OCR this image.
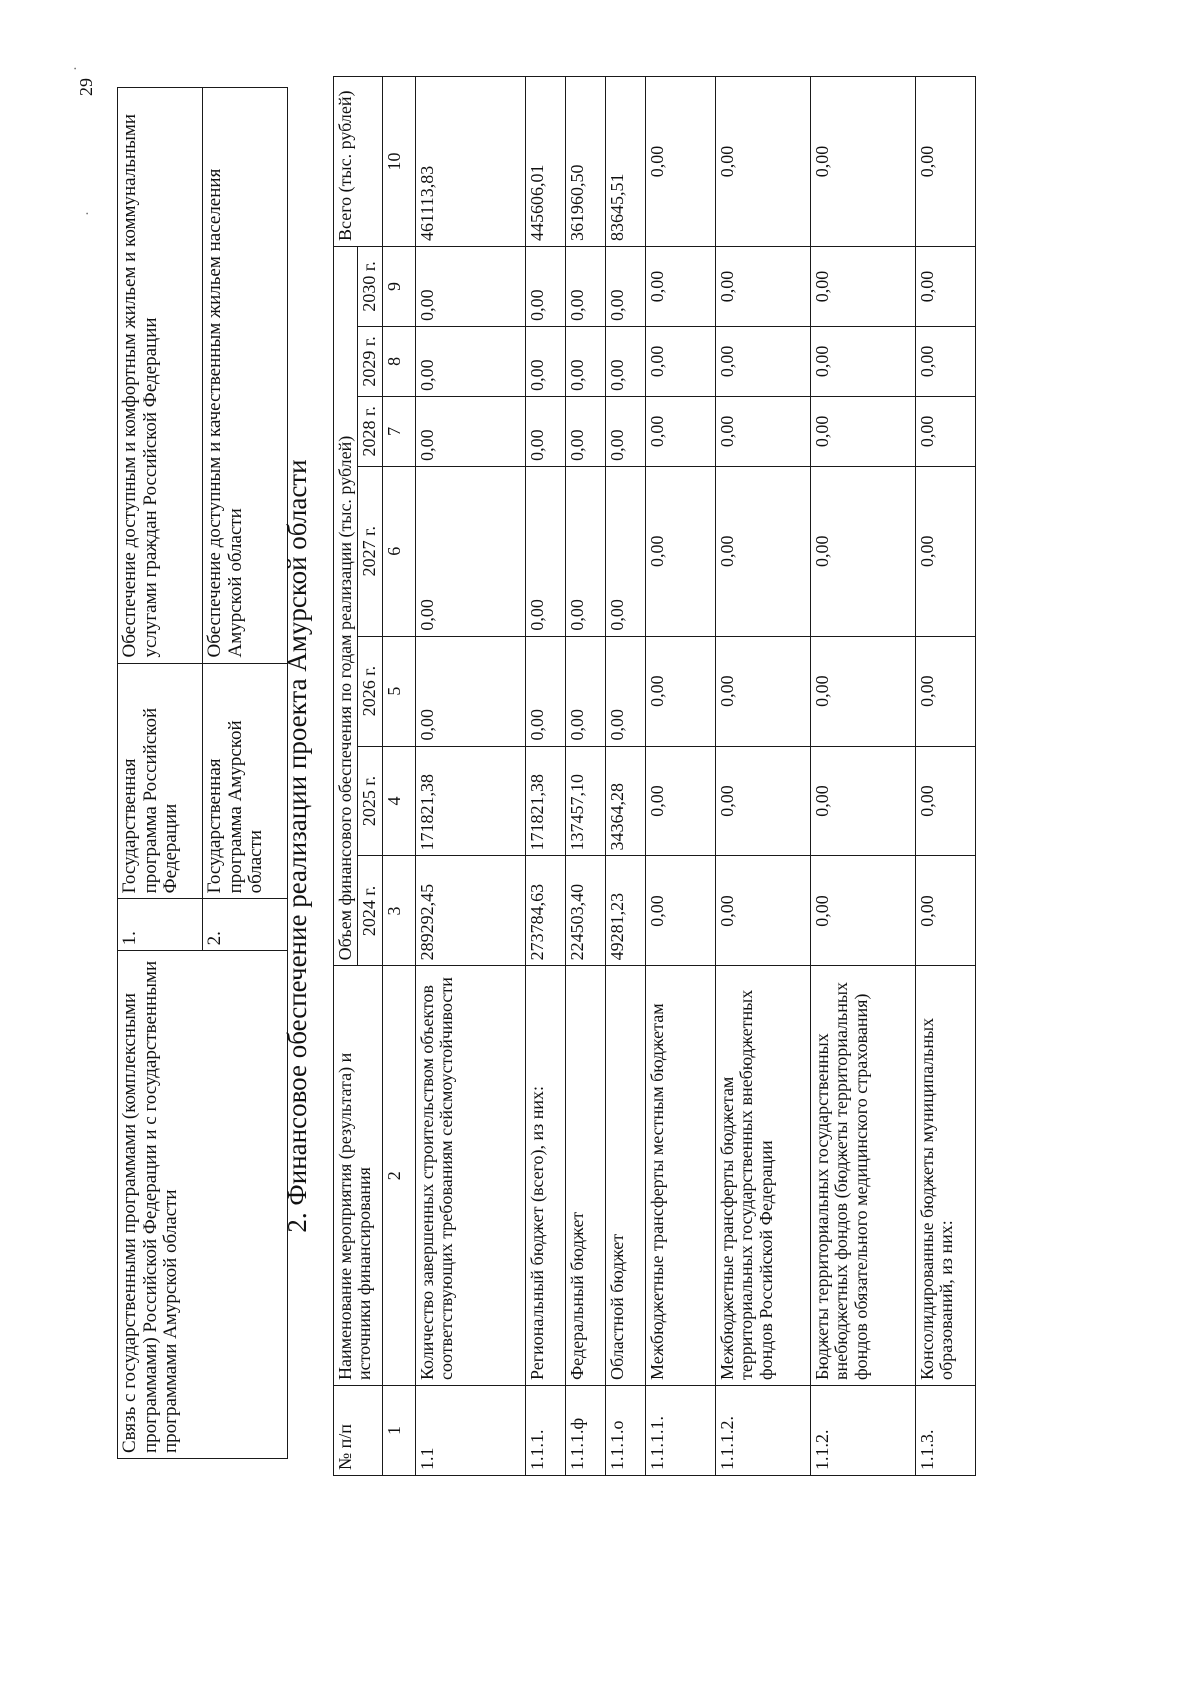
29
·
·
Связь с государственными программами (комплексными программами) Российской Федерации и с государственными программами Амурской области	1.	Государственная программа Российской Федерации	Обеспечение доступным и комфортным жильем и коммунальными услугами граждан Российской Федерации
	2.	Государственная программа Амурской области	Обеспечение доступным и качественным жильем населения Амурской области 2. Финансовое обеспечение реализации проекта Амурской области
№ п/п	Наименование мероприятия (результата) и источники финансирования	Объем финансового обеспечения по годам реализации (тыс. рублей)							Всего (тыс. рублей)
		2024 г.	2025 г.	2026 г.	2027 г.	2028 г.	2029 г.	2030 г.	
1	2	3	4	5	6	7	8	9	10
1.1	Количество завершенных строительством объектов соответствующих требованиям сейсмоустойчивости	289292,45	171821,38	0,00	0,00	0,00	0,00	0,00	461113,83
1.1.1.	Региональный бюджет (всего), из них:	273784,63	171821,38	0,00	0,00	0,00	0,00	0,00	445606,01
1.1.1.ф	Федеральный бюджет	224503,40	137457,10	0,00	0,00	0,00	0,00	0,00	361960,50
1.1.1.о	Областной бюджет	49281,23	34364,28	0,00	0,00	0,00	0,00	0,00	83645,51
1.1.1.1.	Межбюджетные трансферты местным бюджетам	0,00	0,00	0,00	0,00	0,00	0,00	0,00	0,00
1.1.1.2.	Межбюджетные трансферты бюджетам территориальных государственных внебюджетных фондов Российской Федерации	0,00	0,00	0,00	0,00	0,00	0,00	0,00	0,00
1.1.2.	Бюджеты территориальных государственных внебюджетных фондов (бюджеты территориальных фондов обязательного медицинского страхования)	0,00	0,00	0,00	0,00	0,00	0,00	0,00	0,00
1.1.3.	Консолидированные бюджеты муниципальных образований, из них:	0,00	0,00	0,00	0,00	0,00	0,00	0,00	0,00
